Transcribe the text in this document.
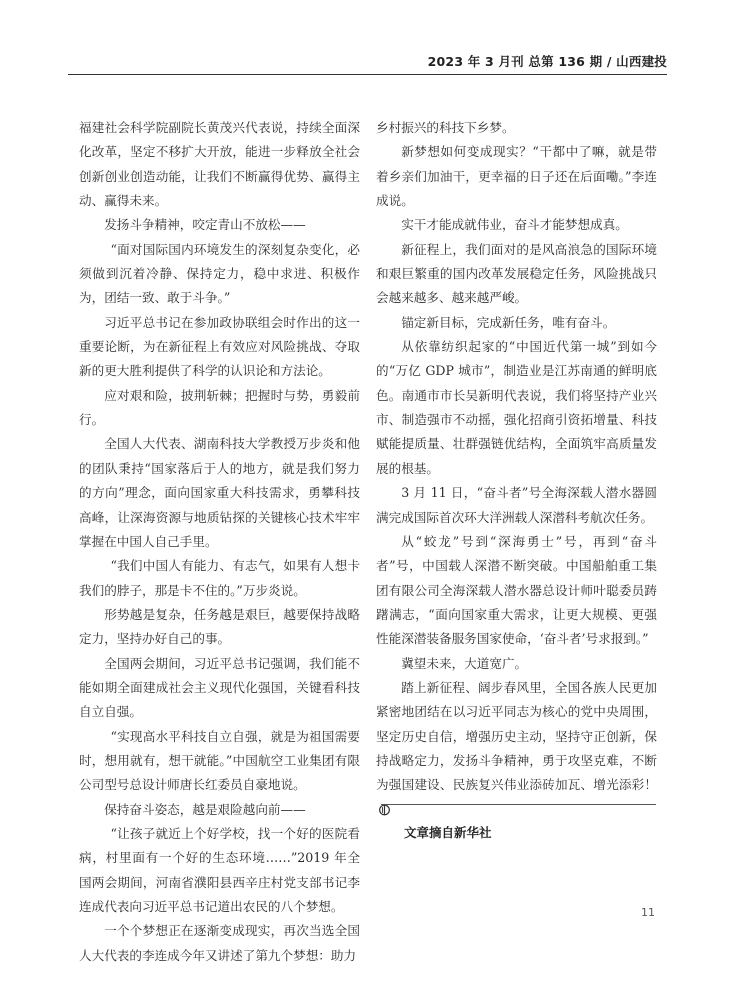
2023 年 3 月刊 总第 136 期 / 山西建投

福建社会科学院副院长黄茂兴代表说，持续全面深化改革，坚定不移扩大开放，能进一步释放全社会创新创业创造动能，让我们不断赢得优势、赢得主动、赢得未来。

发扬斗争精神，咬定青山不放松——

“面对国际国内环境发生的深刻复杂变化，必须做到沉着冷静、保持定力，稳中求进、积极作为，团结一致、敢于斗争。”

习近平总书记在参加政协联组会时作出的这一重要论断，为在新征程上有效应对风险挑战、夺取新的更大胜利提供了科学的认识论和方法论。

应对艰和险，披荆斩棘；把握时与势，勇毅前行。

全国人大代表、湖南科技大学教授万步炎和他的团队秉持“国家落后于人的地方，就是我们努力的方向”理念，面向国家重大科技需求，勇攀科技高峰，让深海资源与地质钻探的关键核心技术牢牢掌握在中国人自己手里。

“我们中国人有能力、有志气，如果有人想卡我们的脖子，那是卡不住的。”万步炎说。

形势越是复杂，任务越是艰巨，越要保持战略定力，坚持办好自己的事。

全国两会期间，习近平总书记强调，我们能不能如期全面建成社会主义现代化强国，关键看科技自立自强。

“实现高水平科技自立自强，就是为祖国需要时，想用就有，想干就能。”中国航空工业集团有限公司型号总设计师唐长红委员自豪地说。

保持奋斗姿态，越是艰险越向前——

“让孩子就近上个好学校，找一个好的医院看病，村里面有一个好的生态环境……”2019 年全国两会期间，河南省濮阳县西辛庄村党支部书记李连成代表向习近平总书记道出农民的八个梦想。

一个个梦想正在逐渐变成现实，再次当选全国人大代表的李连成今年又讲述了第九个梦想：助力

乡村振兴的科技下乡梦。

新梦想如何变成现实？“干都中了嘛，就是带着乡亲们加油干，更幸福的日子还在后面嘞。”李连成说。

实干才能成就伟业，奋斗才能梦想成真。

新征程上，我们面对的是风高浪急的国际环境和艰巨繁重的国内改革发展稳定任务，风险挑战只会越来越多、越来越严峻。

锚定新目标，完成新任务，唯有奋斗。

从依靠纺织起家的“中国近代第一城”到如今的“万亿 GDP 城市”，制造业是江苏南通的鲜明底色。南通市市长吴新明代表说，我们将坚持产业兴市、制造强市不动摇，强化招商引资拓增量、科技赋能提质量、壮群强链优结构，全面筑牢高质量发展的根基。

3 月 11 日，“奋斗者”号全海深载人潜水器圆满完成国际首次环大洋洲载人深潜科考航次任务。

从“蛟龙”号到“深海勇士”号，再到“奋斗者”号，中国载人深潜不断突破。中国船舶重工集团有限公司全海深载人潜水器总设计师叶聪委员踌躇满志，“面向国家重大需求，让更大规模、更强性能深潜装备服务国家使命，‘奋斗者’号求报到。”

冀望未来，大道宽广。

踏上新征程、阔步春风里，全国各族人民更加紧密地团结在以习近平同志为核心的党中央周围，坚定历史自信，增强历史主动，坚持守正创新，保持战略定力，发扬斗争精神，勇于攻坚克难，不断为强国建设、民族复兴伟业添砖加瓦、增光添彩！

文章摘自新华社
11
